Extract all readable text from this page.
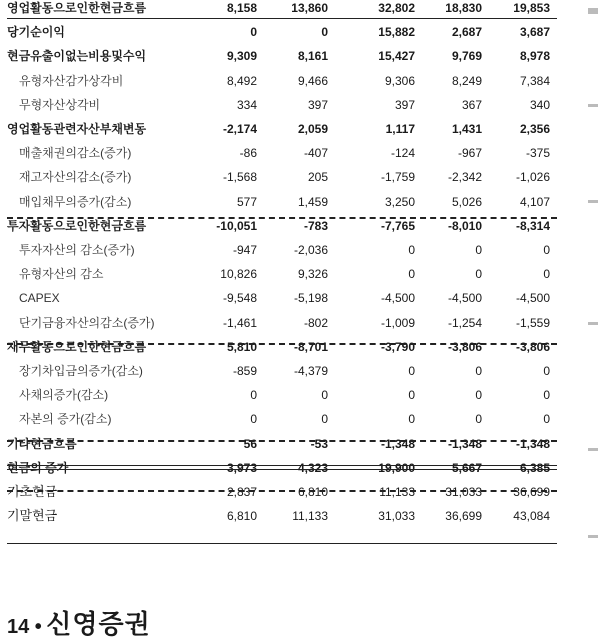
영업활동으로인한현금흐름	8,158	13,860	32,802	18,830	19,853
당기순이익	0	0	15,882	2,687	3,687
현금유출이없는비용및수익	9,309	8,161	15,427	9,769	8,978
유형자산감가상각비	8,492	9,466	9,306	8,249	7,384
무형자산상각비	334	397	397	367	340
영업활동관련자산부채변동	-2,174	2,059	1,117	1,431	2,356
매출채권의감소(증가)	-86	-407	-124	-967	-375
재고자산의감소(증가)	-1,568	205	-1,759	-2,342	-1,026
매입채무의증가(감소)	577	1,459	3,250	5,026	4,107
투자활동으로인한현금흐름	-10,051	-783	-7,765	-8,010	-8,314
투자자산의 감소(증가)	-947	-2,036	0	0	0
유형자산의 감소	10,826	9,326	0	0	0
CAPEX	-9,548	-5,198	-4,500	-4,500	-4,500
단기금융자산의감소(증가)	-1,461	-802	-1,009	-1,254	-1,559
재무활동으로인한현금흐름	5,810	-8,701	-3,790	-3,806	-3,806
장기차입금의증가(감소)	-859	-4,379	0	0	0
사채의증가(감소)	0	0	0	0	0
자본의 증가(감소)	0	0	0	0	0
기타현금흐름	56	-53	-1,348	-1,348	-1,348
현금의 증가	3,973	4,323	19,900	5,667	6,385
기초현금	2,837	6,810	11,133	31,033	36,699
기말현금	6,810	11,133	31,033	36,699	43,084
14 • 신영증권
